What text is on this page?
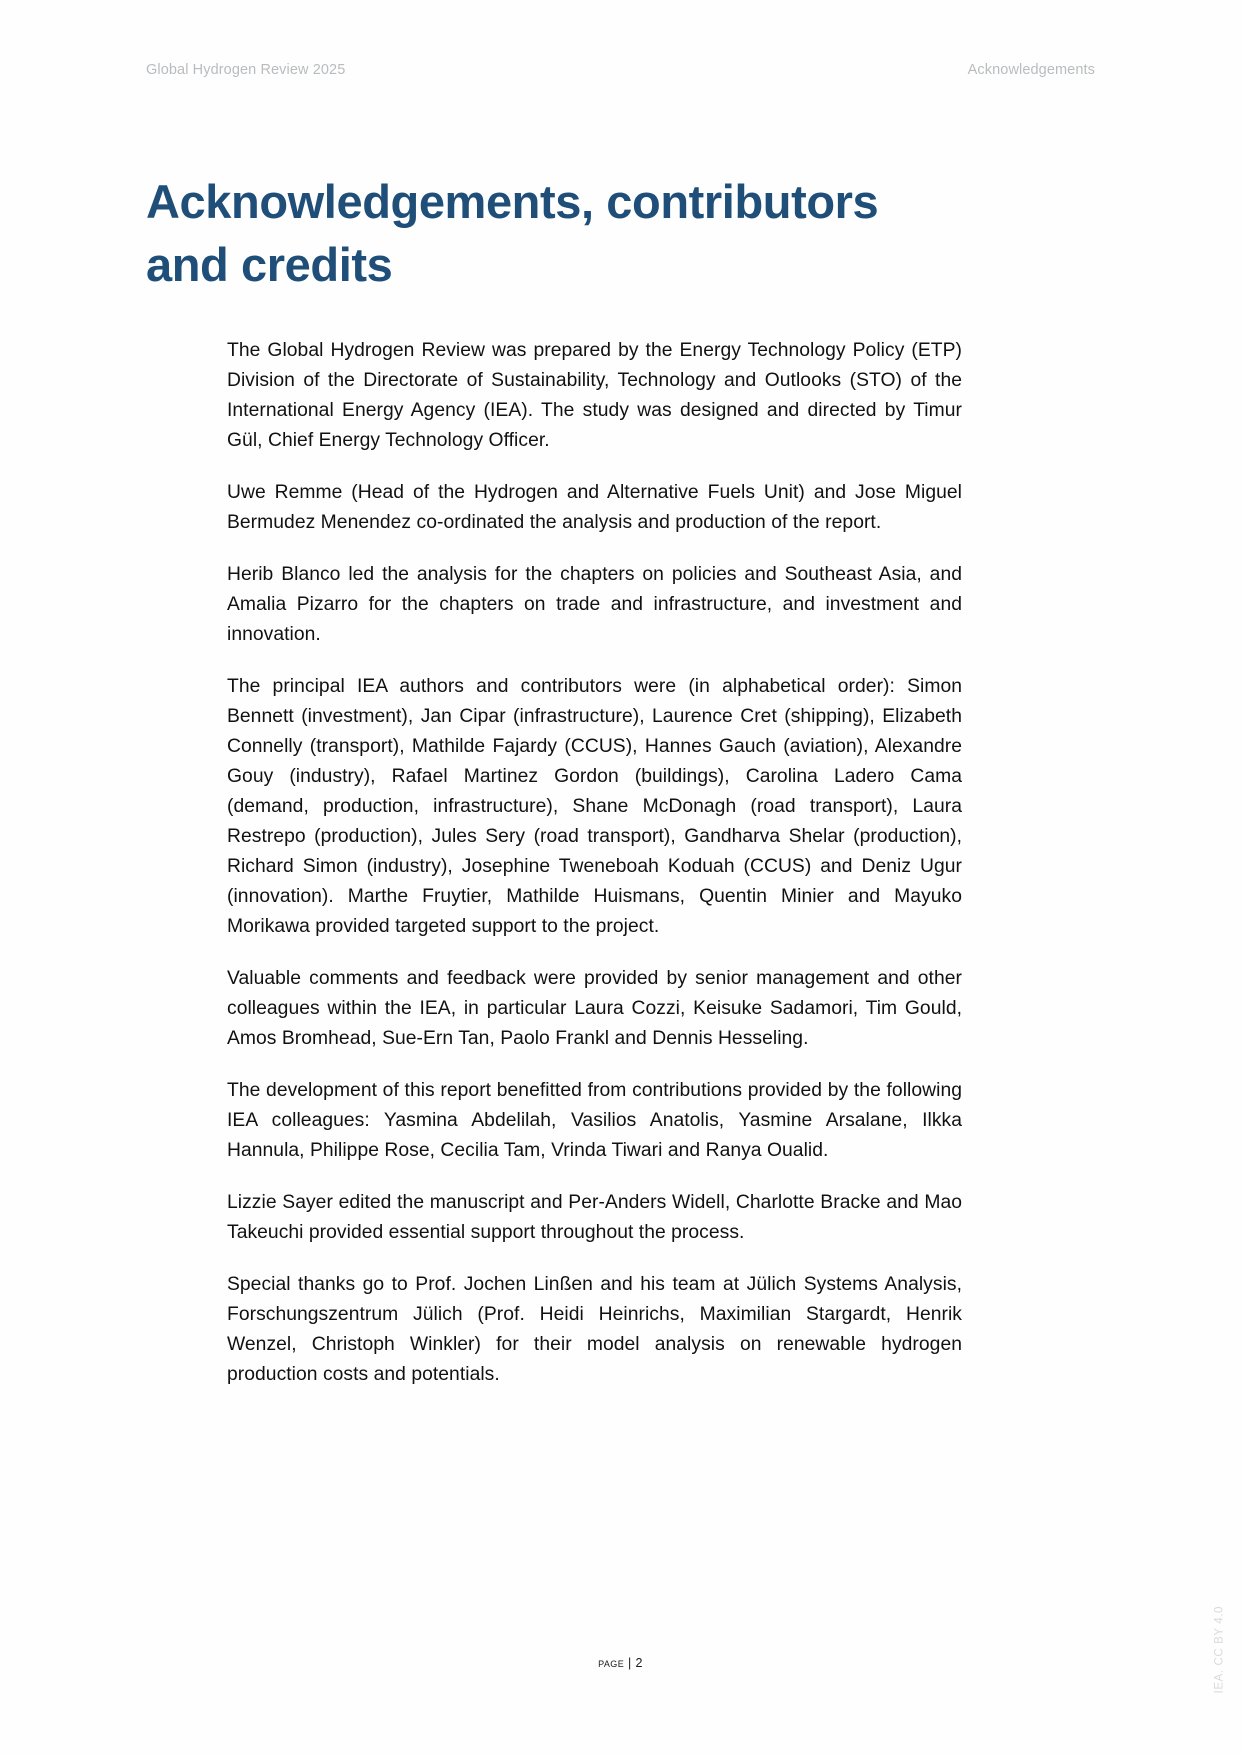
Global Hydrogen Review 2025	Acknowledgements
Acknowledgements, contributors and credits

The Global Hydrogen Review was prepared by the Energy Technology Policy (ETP) Division of the Directorate of Sustainability, Technology and Outlooks (STO) of the International Energy Agency (IEA). The study was designed and directed by Timur Gül, Chief Energy Technology Officer.

Uwe Remme (Head of the Hydrogen and Alternative Fuels Unit) and Jose Miguel Bermudez Menendez co-ordinated the analysis and production of the report.

Herib Blanco led the analysis for the chapters on policies and Southeast Asia, and Amalia Pizarro for the chapters on trade and infrastructure, and investment and innovation.

The principal IEA authors and contributors were (in alphabetical order): Simon Bennett (investment), Jan Cipar (infrastructure), Laurence Cret (shipping), Elizabeth Connelly (transport), Mathilde Fajardy (CCUS), Hannes Gauch (aviation), Alexandre Gouy (industry), Rafael Martinez Gordon (buildings), Carolina Ladero Cama (demand, production, infrastructure), Shane McDonagh (road transport), Laura Restrepo (production), Jules Sery (road transport), Gandharva Shelar (production), Richard Simon (industry), Josephine Tweneboah Koduah (CCUS) and Deniz Ugur (innovation). Marthe Fruytier, Mathilde Huismans, Quentin Minier and Mayuko Morikawa provided targeted support to the project.

Valuable comments and feedback were provided by senior management and other colleagues within the IEA, in particular Laura Cozzi, Keisuke Sadamori, Tim Gould, Amos Bromhead, Sue-Ern Tan, Paolo Frankl and Dennis Hesseling.

The development of this report benefitted from contributions provided by the following IEA colleagues: Yasmina Abdelilah, Vasilios Anatolis, Yasmine Arsalane, Ilkka Hannula, Philippe Rose, Cecilia Tam, Vrinda Tiwari and Ranya Oualid.

Lizzie Sayer edited the manuscript and Per-Anders Widell, Charlotte Bracke and Mao Takeuchi provided essential support throughout the process.

Special thanks go to Prof. Jochen Linßen and his team at Jülich Systems Analysis, Forschungszentrum Jülich (Prof. Heidi Heinrichs, Maximilian Stargardt, Henrik Wenzel, Christoph Winkler) for their model analysis on renewable hydrogen production costs and potentials.

page | 2	IEA. CC BY 4.0
